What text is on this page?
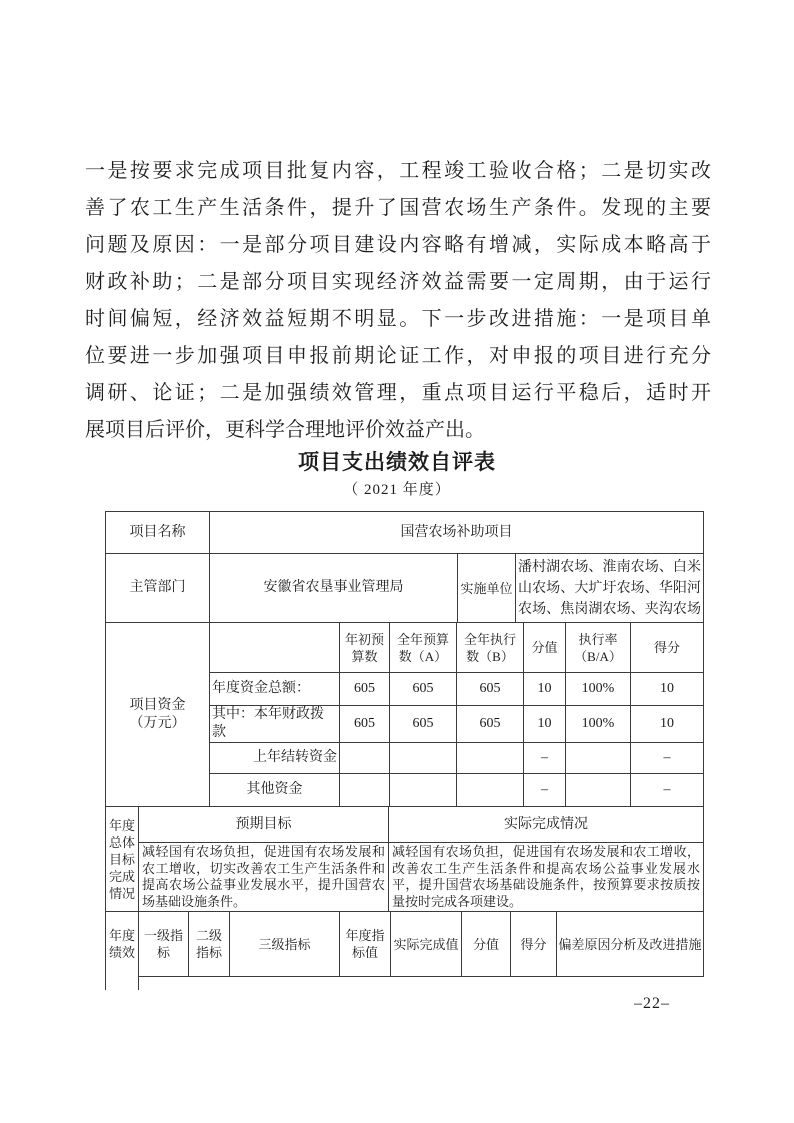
一是按要求完成项目批复内容，工程竣工验收合格；二是切实改
善了农工生产生活条件，提升了国营农场生产条件。发现的主要
问题及原因：一是部分项目建设内容略有增减，实际成本略高于
财政补助；二是部分项目实现经济效益需要一定周期，由于运行
时间偏短，经济效益短期不明显。下一步改进措施：一是项目单
位要进一步加强项目申报前期论证工作，对申报的项目进行充分
调研、论证；二是加强绩效管理，重点项目运行平稳后，适时开
展项目后评价，更科学合理地评价效益产出。
项目支出绩效自评表
（ 2021 年度）
项目名称	国营农场补助项目		
主管部门	安徽省农垦事业管理局	实施单位	潘村湖农场、淮南农场、白米山农场、大圹圩农场、华阳河农场、焦岗湖农场、夹沟农场
项目资金
（万元）		年初预算数	全年预算数（A）	全年执行数（B）	分值	执行率（B/A）	得分
	年度资金总额：	605	605	605	10	100%	10
	其中：本年财政拨款	605	605	605	10	100%	10
	上年结转资金				–		–
	其他资金				–		–
年度总体目标完成情况	预期目标	实际完成情况
	减轻国有农场负担，促进国有农场发展和农工增收，切实改善农工生产生活条件和提高农场公益事业发展水平，提升国营农场基础设施条件。	减轻国有农场负担，促进国有农场发展和农工增收，改善农工生产生活条件和提高农场公益事业发展水平，提升国营农场基础设施条件，按预算要求按质按量按时完成各项建设。
年度绩效	一级指标	二级指标	三级指标	年度指标值	实际完成值	分值	得分	偏差原因分析及改进措施
–22–
